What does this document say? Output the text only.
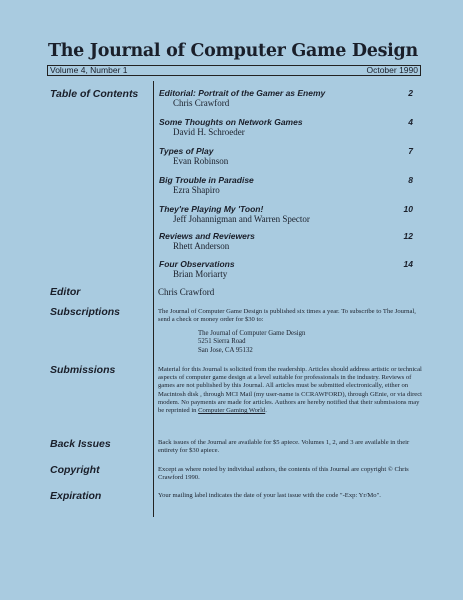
The Journal of Computer Game Design
Volume 4, Number 1	October 1990
Table of Contents
Editor
Subscriptions
Submissions
Back Issues
Copyright
Expiration
Editorial: Portrait of the Gamer as Enemy
Chris Crawford
2
Some Thoughts on Network Games
David H. Schroeder
4
Types of Play
Evan Robinson
7
Big Trouble in Paradise
Ezra Shapiro
8
They're Playing My 'Toon!
Jeff Johannigman and Warren Spector
10
Reviews and Reviewers
Rhett Anderson
12
Four Observations
Brian Moriarty
14
Chris Crawford
The Journal of Computer Game Design is published six times a year. To subscribe to The Journal, send a check or money order for $30 to:
The Journal of Computer Game Design
5251 Sierra Road
San Jose, CA 95132
Material for this Journal is solicited from the readership. Articles should address artistic or technical aspects of computer game design at a level suitable for professionals in the industry. Reviews of games are not published by this Journal. All articles must be submitted electronically, either on Macintosh disk , through MCI Mail (my user-name is CCRAWFORD), through GEnie, or via direct modem. No payments are made for articles. Authors are hereby notified that their submissions may be reprinted in Computer Gaming World.
Back issues of the Journal are available for $5 apiece. Volumes 1, 2, and 3 are available in their entirety for $30 apiece.
Except as where noted by individual authors, the contents of this Journal are copyright © Chris Crawford 1990.
Your mailing label indicates the date of your last issue with the code "-Exp: Yr/Mo".
